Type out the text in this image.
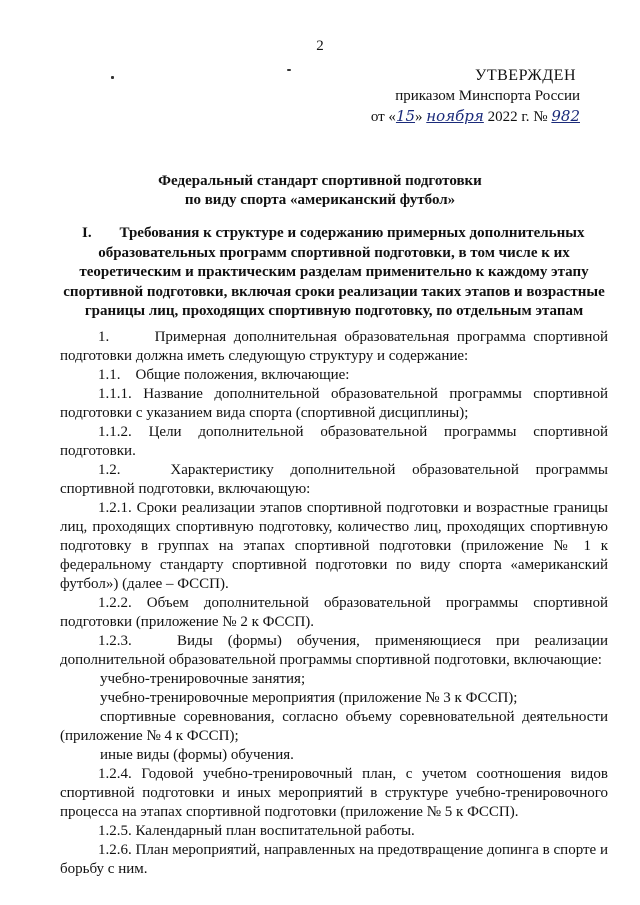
2
УТВЕРЖДЕН
приказом Минспорта России
от «15» ноября 2022 г. № 982
Федеральный стандарт спортивной подготовки
по виду спорта «американский футбол»
I.	Требования к структуре и содержанию примерных дополнительных образовательных программ спортивной подготовки, в том числе к их теоретическим и практическим разделам применительно к каждому этапу спортивной подготовки, включая сроки реализации таких этапов и возрастные границы лиц, проходящих спортивную подготовку, по отдельным этапам

1.      Примерная дополнительная образовательная программа спортивной подготовки должна иметь следующую структуру и содержание:

1.1.    Общие положения, включающие:

1.1.1. Название дополнительной образовательной программы спортивной подготовки с указанием вида спорта (спортивной дисциплины);

1.1.2. Цели дополнительной образовательной программы спортивной подготовки.

1.2.   Характеристику дополнительной образовательной программы спортивной подготовки, включающую:

1.2.1. Сроки реализации этапов спортивной подготовки и возрастные границы лиц, проходящих спортивную подготовку, количество лиц, проходящих спортивную подготовку в группах на этапах спортивной подготовки (приложение № 1 к федеральному стандарту спортивной подготовки по виду спорта «американский футбол») (далее – ФССП).

1.2.2. Объем дополнительной образовательной программы спортивной подготовки (приложение № 2 к ФССП).

1.2.3.   Виды (формы) обучения, применяющиеся при реализации дополнительной образовательной программы спортивной подготовки, включающие:

учебно-тренировочные занятия;

учебно-тренировочные мероприятия (приложение № 3 к ФССП);

спортивные соревнования, согласно объему соревновательной деятельности (приложение № 4 к ФССП);

иные виды (формы) обучения.

1.2.4. Годовой учебно-тренировочный план, с учетом соотношения видов спортивной подготовки и иных мероприятий в структуре учебно-тренировочного процесса на этапах спортивной подготовки (приложение № 5 к ФССП).

1.2.5. Календарный план воспитательной работы.

1.2.6. План мероприятий, направленных на предотвращение допинга в спорте и борьбу с ним.
